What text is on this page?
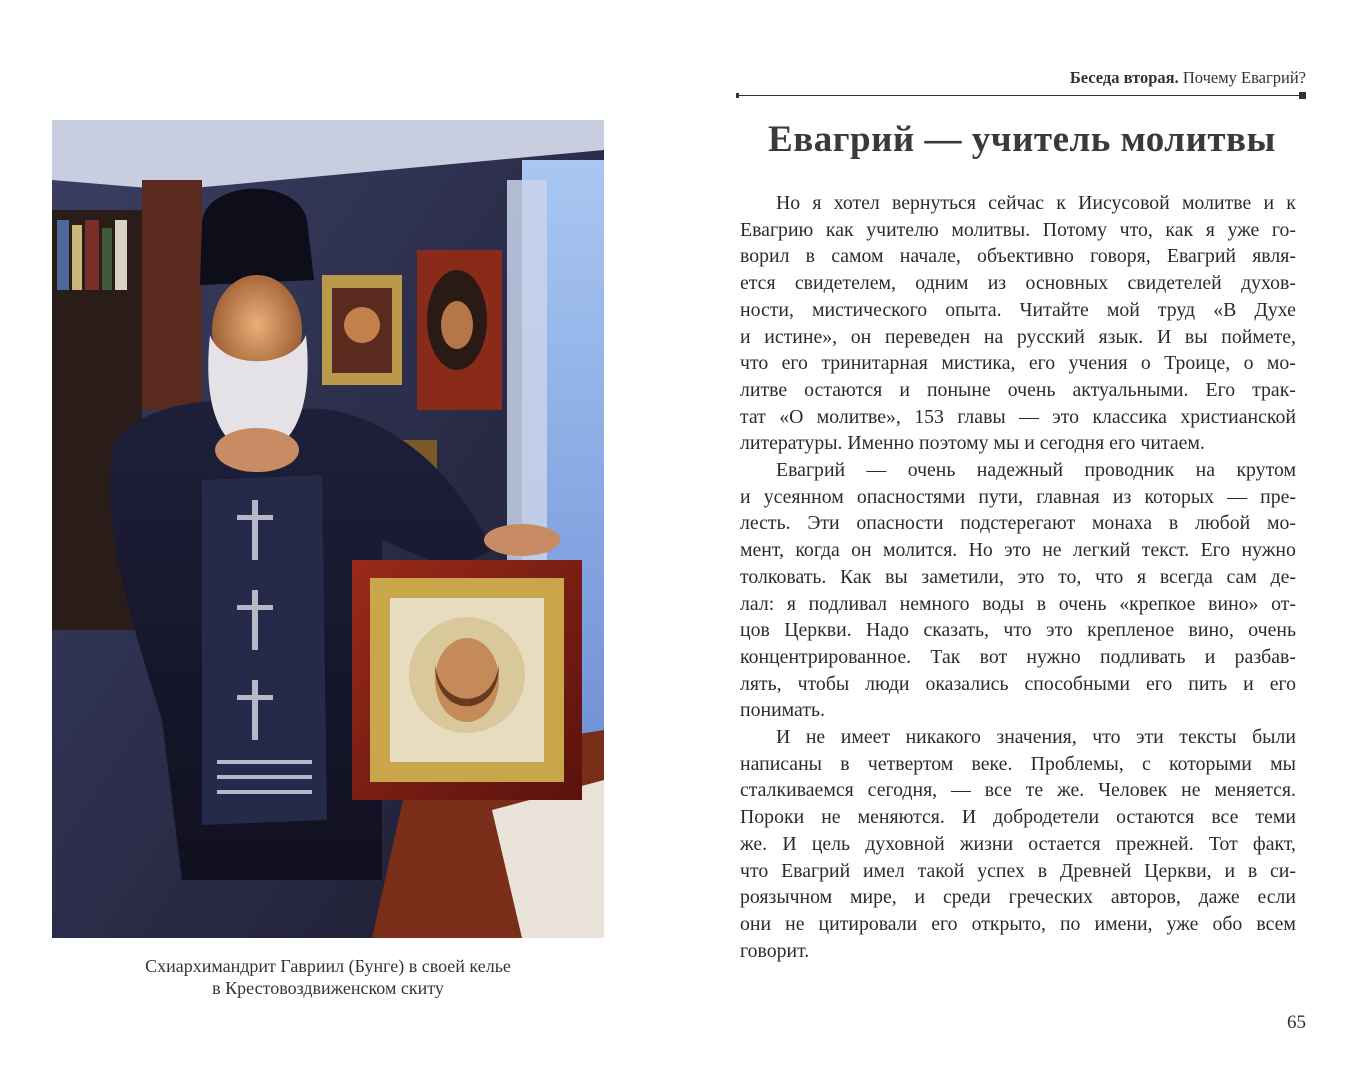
Схиархимандрит Гавриил (Бунге) в своей келье
в Крестовоздвиженском скиту
Беседа вторая. Почему Евагрий?
Евагрий — учитель молитвы
Но я хотел вернуться сейчас к Иисусовой молитве и к
Евагрию как учителю молитвы. Потому что, как я уже го-
ворил в самом начале, объективно говоря, Евагрий явля-
ется свидетелем, одним из основных свидетелей духов-
ности, мистического опыта. Читайте мой труд «В Духе
и истине», он переведен на русский язык. И вы поймете,
что его тринитарная мистика, его учения о Троице, о мо-
литве остаются и поныне очень актуальными. Его трак-
тат «О молитве», 153 главы — это классика христианской
литературы. Именно поэтому мы и сегодня его читаем.
Евагрий — очень надежный проводник на крутом
и усеянном опасностями пути, главная из которых — пре-
лесть. Эти опасности подстерегают монаха в любой мо-
мент, когда он молится. Но это не легкий текст. Его нужно
толковать. Как вы заметили, это то, что я всегда сам де-
лал: я подливал немного воды в очень «крепкое вино» от-
цов Церкви. Надо сказать, что это крепленое вино, очень
концентрированное. Так вот нужно подливать и разбав-
лять, чтобы люди оказались способными его пить и его
понимать.
И не имеет никакого значения, что эти тексты были
написаны в четвертом веке. Проблемы, с которыми мы
сталкиваемся сегодня, — все те же. Человек не меняется.
Пороки не меняются. И добродетели остаются все теми
же. И цель духовной жизни остается прежней. Тот факт,
что Евагрий имел такой успех в Древней Церкви, и в си-
роязычном мире, и среди греческих авторов, даже если
они не цитировали его открыто, по имени, уже обо всем
говорит.
65
